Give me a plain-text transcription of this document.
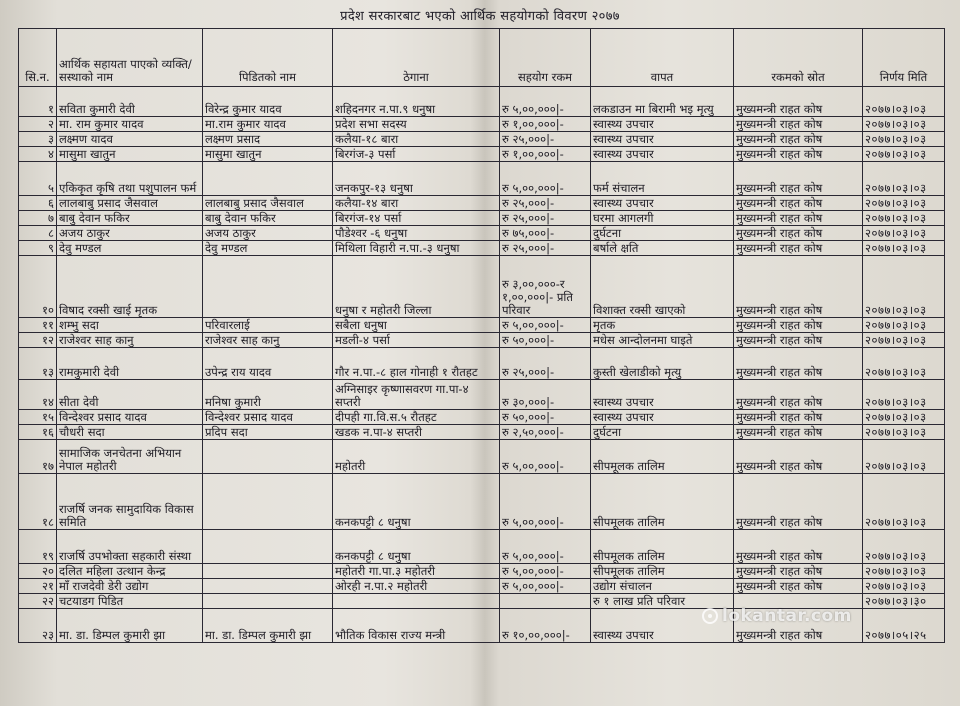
प्रदेश सरकारबाट भएको आर्थिक सहयोगको विवरण २०७७
सि.न.	आर्थिक सहायता पाएको व्यक्ति/सस्थाको नाम	पिडितको नाम	ठेगाना	सहयोग रकम	वापत	रकमको स्रोत	निर्णय मिति
१	सविता कुमारी देवी	विरेन्द्र कुमार यादव	शहिदनगर न.पा.९ धनुषा	रु ५,००,०००|-	लकडाउन मा बिरामी भइ मृत्यु	मुख्यमन्त्री राहत कोष	२०७७।०३।०३
२	मा. राम कुमार यादव	मा.राम कुमार यादव	प्रदेश सभा सदस्य	रु १,००,०००|-	स्वास्थ्य उपचार	मुख्यमन्त्री राहत कोष	२०७७।०३।०३
३	लक्ष्मण यादव	लक्ष्मण प्रसाद	कलैया-१८ बारा	रु २५,०००|-	स्वास्थ्य उपचार	मुख्यमन्त्री राहत कोष	२०७७।०३।०३
४	मासुमा खातुन	मासुमा खातुन	बिरगंज-३ पर्सा	रु १,००,०००|-	स्वास्थ्य उपचार	मुख्यमन्त्री राहत कोष	२०७७।०३।०३
५	एकिकृत कृषि तथा पशुपालन फर्म		जनकपुर-१३ धनुषा	रु ५,००,०००|-	फर्म संचालन	मुख्यमन्त्री राहत कोष	२०७७।०३।०३
६	लालबाबु प्रसाद जैसवाल	लालबाबु प्रसाद जैसवाल	कलैया-१४ बारा	रु २५,०००|-	स्वास्थ्य उपचार	मुख्यमन्त्री राहत कोष	२०७७।०३।०३
७	बाबु देवान फकिर	बाबु देवान फकिर	बिरगंज-१४ पर्सा	रु २५,०००|-	घरमा आगलगी	मुख्यमन्त्री राहत कोष	२०७७।०३।०३
८	अजय ठाकुर	अजय ठाकुर	पौडेश्वर -६ धनुषा	रु ७५,०००|-	दुर्घटना	मुख्यमन्त्री राहत कोष	२०७७।०३।०३
९	देवु मण्डल	देवु मण्डल	मिथिला विहारी न.पा.-३ धनुषा	रु २५,०००|-	बर्षाले क्षति	मुख्यमन्त्री राहत कोष	२०७७।०३।०३
१०	विषाद रक्सी खाई मृतक		धनुषा र महोतरी जिल्ला	रु ३,००,०००-र १,००,०००|- प्रति परिवार	विशाक्त रक्सी खाएको	मुख्यमन्त्री राहत कोष	२०७७।०३।०३
११	शम्भु सदा	परिवारलाई	सबैला धनुषा	रु ५,००,०००|-	मृतक	मुख्यमन्त्री राहत कोष	२०७७।०३।०३
१२	राजेश्वर साह कानु	राजेश्वर साह कानु	मडली-४ पर्सा	रु ५०,०००|-	मधेस आन्दोलनमा घाइते	मुख्यमन्त्री राहत कोष	२०७७।०३।०३
१३	रामकुमारी देवी	उपेन्द्र राय यादव	गौर न.पा.-८ हाल गोनाही १ रौतहट	रु २५,०००|-	कुस्ती खेलाडीको मृत्यु	मुख्यमन्त्री राहत कोष	२०७७।०३।०३
१४	सीता देवी	मनिषा कुमारी	अग्निसाइर कृष्णासवरण गा.पा-४ सप्तरी	रु ३०,०००|-	स्वास्थ्य उपचार	मुख्यमन्त्री राहत कोष	२०७७।०३।०३
१५	विन्देश्वर प्रसाद यादव	विन्देश्वर प्रसाद यादव	दीपही गा.वि.स.५ रौतहट	रु ५०,०००|-	स्वास्थ्य उपचार	मुख्यमन्त्री राहत कोष	२०७७।०३।०३
१६	चौधरी सदा	प्रदिप सदा	खडक न.पा-४ सप्तरी	रु २,५०,०००|-	दुर्घटना	मुख्यमन्त्री राहत कोष	२०७७।०३।०३
१७	सामाजिक जनचेतना अभियान नेपाल महोतरी		महोतरी	रु ५,००,०००|-	सीपमूलक तालिम	मुख्यमन्त्री राहत कोष	२०७७।०३।०३
१८	राजर्षि जनक सामुदायिक विकास समिति		कनकपट्टी ८ धनुषा	रु ५,००,०००|-	सीपमूलक तालिम	मुख्यमन्त्री राहत कोष	२०७७।०३।०३
१९	राजर्षि उपभोक्ता सहकारी संस्था		कनकपट्टी ८ धनुषा	रु ५,००,०००|-	सीपमूलक तालिम	मुख्यमन्त्री राहत कोष	२०७७।०३।०३
२०	दलित महिला उत्थान केन्द्र		महोतरी गा.पा.३ महोतरी	रु ५,००,०००|-	सीपमूलक तालिम	मुख्यमन्त्री राहत कोष	२०७७।०३।०३
२१	माँ राजदेवी डेरी उद्योग		ओरही न.पा.२ महोतरी	रु ५,००,०००|-	उद्योग संचालन	मुख्यमन्त्री राहत कोष	२०७७।०३।०३
२२	चटयाडग पिडित				रु १ लाख प्रति परिवार		२०७७।०३।३०
२३	मा. डा. डिम्पल कुमारी झा	मा. डा. डिम्पल कुमारी झा	भौतिक विकास राज्य मन्त्री	रु १०,००,०००|-	स्वास्थ्य उपचार	मुख्यमन्त्री राहत कोष	२०७७।०५।२५
lokantar.com
